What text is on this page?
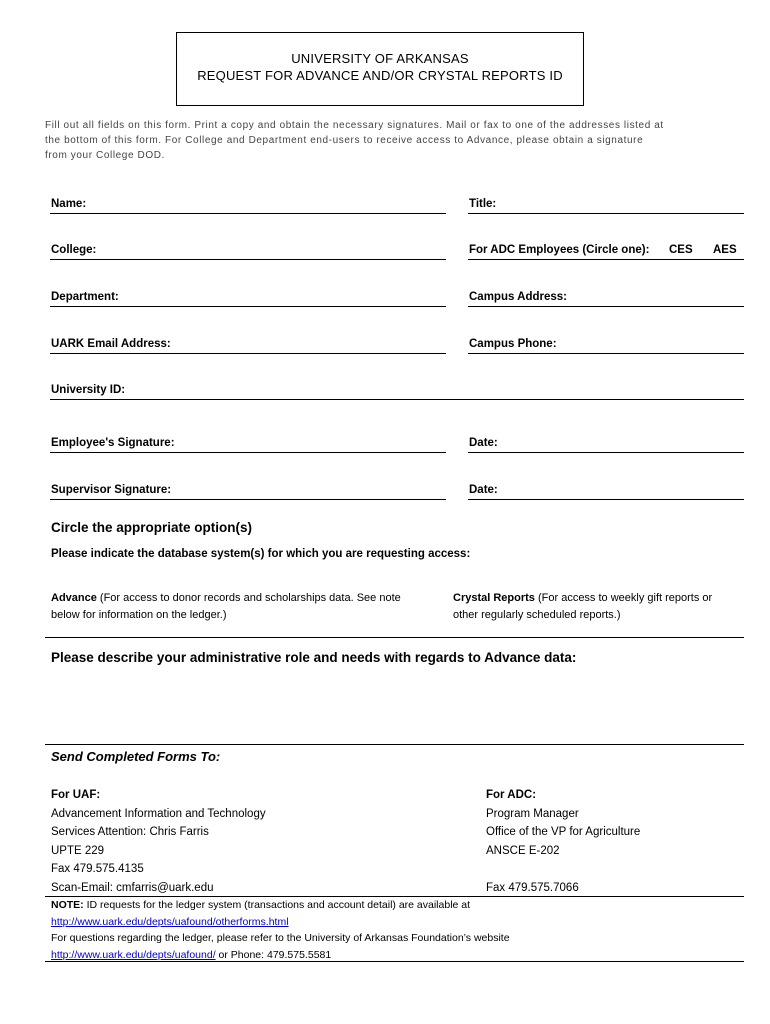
UNIVERSITY OF ARKANSAS
REQUEST FOR ADVANCE AND/OR CRYSTAL REPORTS ID
Fill out all fields on this form. Print a copy and obtain the necessary signatures. Mail or fax to one of the addresses listed at
the bottom of this form. For College and Department end-users to receive access to Advance, please obtain a signature
from your College DOD.
Name:	Title:
College:	For ADC Employees (Circle one): CES AES
Department:	Campus Address:
UARK Email Address:	Campus Phone:
University ID:
Employee's Signature:	Date:
Supervisor Signature:	Date:
Circle the appropriate option(s)
Please indicate the database system(s) for which you are requesting access:
Advance (For access to donor records and scholarships data. See note
below for information on the ledger.)
Crystal Reports (For access to weekly gift reports or
other regularly scheduled reports.)
Please describe your administrative role and needs with regards to Advance data:
Send Completed Forms To:
For UAF:
Advancement Information and Technology
Services Attention: Chris Farris
UPTE 229
Fax 479.575.4135
Scan-Email: cmfarris@uark.edu
For ADC:
Program Manager
Office of the VP for Agriculture
ANSCE E-202
Fax 479.575.7066
NOTE: ID requests for the ledger system (transactions and account detail) are available at
http://www.uark.edu/depts/uafound/otherforms.html
For questions regarding the ledger, please refer to the University of Arkansas Foundation’s website
http://www.uark.edu/depts/uafound/ or Phone: 479.575.5581
